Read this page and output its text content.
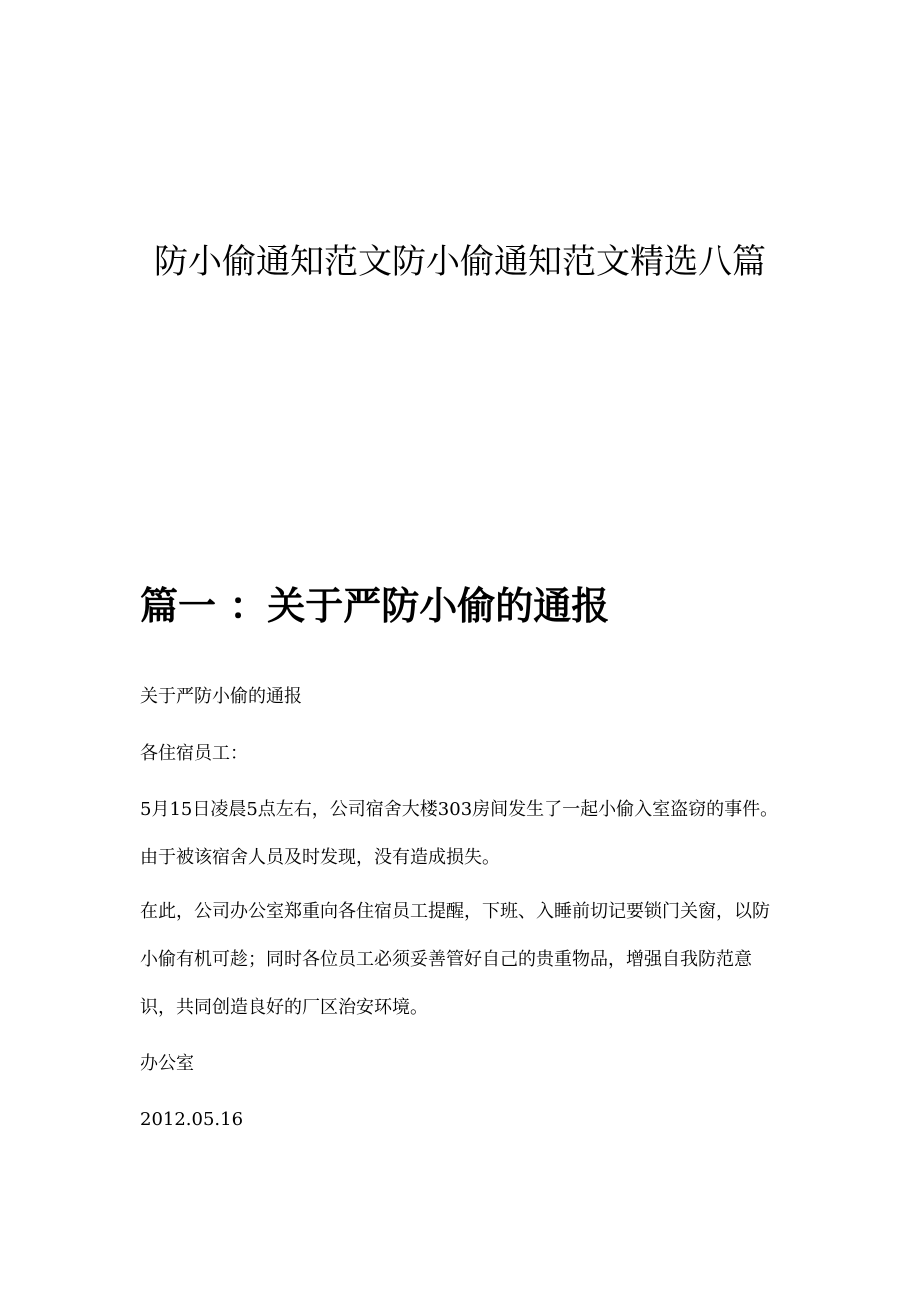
防小偷通知范文防小偷通知范文精选八篇
篇一 ：关于严防小偷的通报

关于严防小偷的通报

各住宿员工：

5月15日凌晨5点左右，公司宿舍大楼303房间发生了一起小偷入室盗窃的事件。由于被该宿舍人员及时发现，没有造成损失。

在此，公司办公室郑重向各住宿员工提醒，下班、入睡前切记要锁门关窗，以防小偷有机可趁；同时各位员工必须妥善管好自己的贵重物品，增强自我防范意识，共同创造良好的厂区治安环境。

办公室

2012.05.16
